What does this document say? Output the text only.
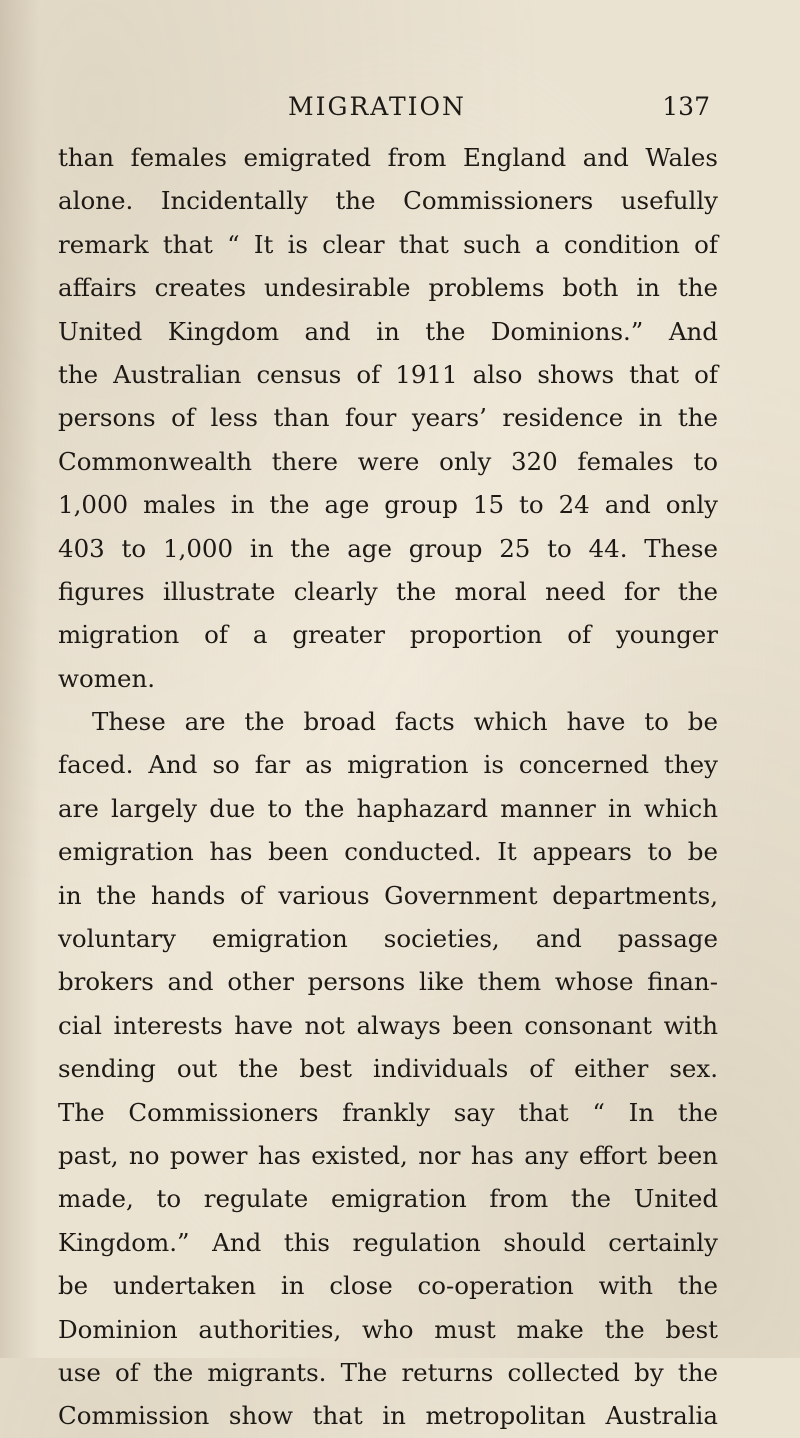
MIGRATION	137
than females emigrated from England and Wales
alone. Incidentally the Commissioners usefully
remark that “ It is clear that such a condition of
affairs creates undesirable problems both in the
United Kingdom and in the Dominions.” And
the Australian census of 1911 also shows that of
persons of less than four years’ residence in the
Commonwealth there were only 320 females to
1,000 males in the age group 15 to 24 and only
403 to 1,000 in the age group 25 to 44. These
figures illustrate clearly the moral need for the
migration of a greater proportion of younger
women.
These are the broad facts which have to be
faced. And so far as migration is concerned they
are largely due to the haphazard manner in which
emigration has been conducted. It appears to be
in the hands of various Government departments,
voluntary emigration societies, and passage
brokers and other persons like them whose finan-
cial interests have not always been consonant with
sending out the best individuals of either sex.
The Commissioners frankly say that “ In the
past, no power has existed, nor has any effort been
made, to regulate emigration from the United
Kingdom.” And this regulation should certainly
be undertaken in close co-operation with the
Dominion authorities, who must make the best
use of the migrants. The returns collected by the
Commission show that in metropolitan Australia
